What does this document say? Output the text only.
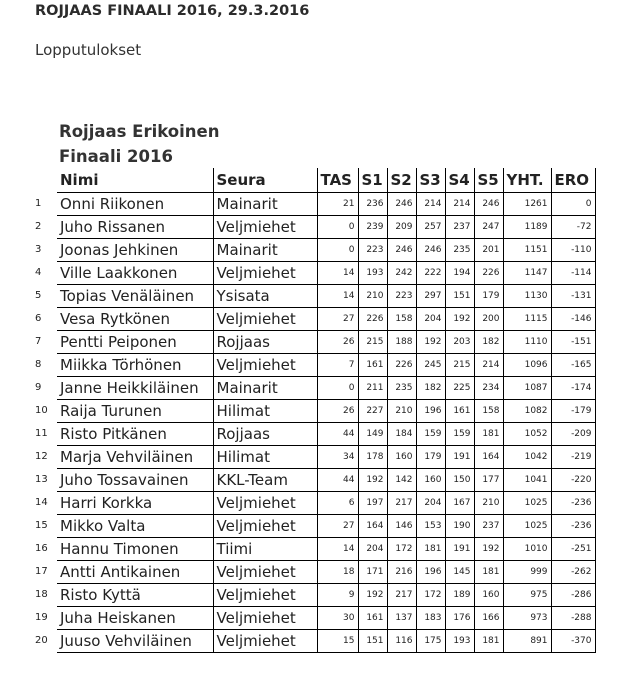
ROJJAAS FINAALI 2016, 29.3.2016
Lopputulokset
Rojjaas Erikoinen
Finaali 2016
	Nimi	Seura	TAS	S1	S2	S3	S4	S5	YHT.	ERO
1	Onni Riikonen	Mainarit	21	236	246	214	214	246	1261	0
2	Juho Rissanen	Veljmiehet	0	239	209	257	237	247	1189	-72
3	Joonas Jehkinen	Mainarit	0	223	246	246	235	201	1151	-110
4	Ville Laakkonen	Veljmiehet	14	193	242	222	194	226	1147	-114
5	Topias Venäläinen	Ysisata	14	210	223	297	151	179	1130	-131
6	Vesa Rytkönen	Veljmiehet	27	226	158	204	192	200	1115	-146
7	Pentti Peiponen	Rojjaas	26	215	188	192	203	182	1110	-151
8	Miikka Törhönen	Veljmiehet	7	161	226	245	215	214	1096	-165
9	Janne Heikkiläinen	Mainarit	0	211	235	182	225	234	1087	-174
10	Raija Turunen	Hilimat	26	227	210	196	161	158	1082	-179
11	Risto Pitkänen	Rojjaas	44	149	184	159	159	181	1052	-209
12	Marja Vehviläinen	Hilimat	34	178	160	179	191	164	1042	-219
13	Juho Tossavainen	KKL-Team	44	192	142	160	150	177	1041	-220
14	Harri Korkka	Veljmiehet	6	197	217	204	167	210	1025	-236
15	Mikko Valta	Veljmiehet	27	164	146	153	190	237	1025	-236
16	Hannu Timonen	Tiimi	14	204	172	181	191	192	1010	-251
17	Antti Antikainen	Veljmiehet	18	171	216	196	145	181	999	-262
18	Risto Kyttä	Veljmiehet	9	192	217	172	189	160	975	-286
19	Juha Heiskanen	Veljmiehet	30	161	137	183	176	166	973	-288
20	Juuso Vehviläinen	Veljmiehet	15	151	116	175	193	181	891	-370
